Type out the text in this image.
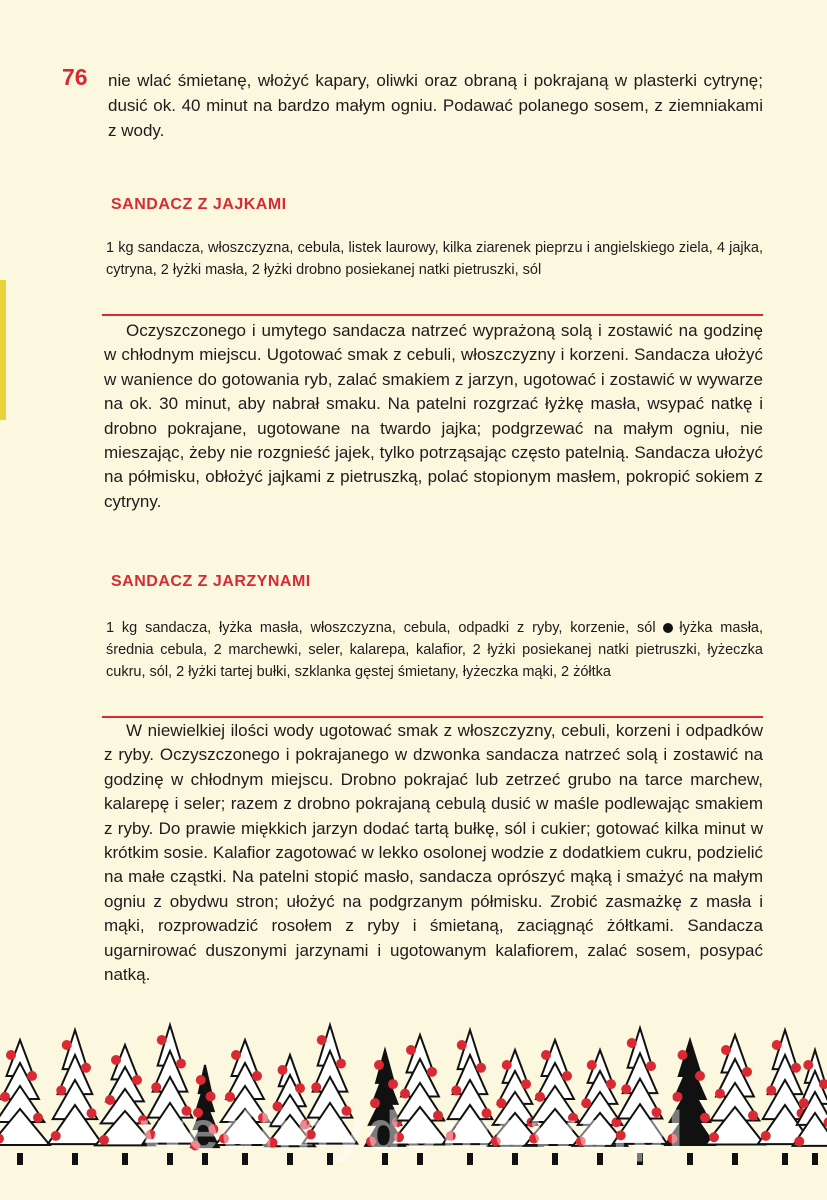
76 nie wlać śmietanę, włożyć kapary, oliwki oraz obraną i pokrajaną w plasterki cytrynę; dusić ok. 40 minut na bardzo małym ogniu. Podawać polanego sosem, z ziemniakami z wody.
SANDACZ Z JAJKAMI
1 kg sandacza, włoszczyzna, cebula, listek laurowy, kilka ziarenek pieprzu i angielskiego ziela, 4 jajka, cytryna, 2 łyżki masła, 2 łyżki drobno posiekanej natki pietruszki, sól

Oczyszczonego i umytego sandacza natrzeć wyprażoną solą i zostawić na godzinę w chłodnym miejscu. Ugotować smak z cebuli, włoszczyzny i korzeni. Sandacza ułożyć w wanience do gotowania ryb, zalać smakiem z jarzyn, ugotować i zostawić w wywarze na ok. 30 minut, aby nabrał smaku. Na patelni rozgrzać łyżkę masła, wsypać natkę i drobno pokrajane, ugotowane na twardo jajka; podgrzewać na małym ogniu, nie mieszając, żeby nie rozgnieść jajek, tylko potrząsając często patelnią. Sandacza ułożyć na półmisku, obłożyć jajkami z pietruszką, polać stopionym masłem, pokropić sokiem z cytryny.

SANDACZ Z JARZYNAMI
1 kg sandacza, łyżka masła, włoszczyzna, cebula, odpadki z ryby, korzenie, sól łyżka masła, średnia cebula, 2 marchewki, seler, kalarepa, kalafior, 2 łyżki posiekanej natki pietruszki, łyżeczka cukru, sól, 2 łyżki tartej bułki, szklanka gęstej śmietany, łyżeczka mąki, 2 żółtka

W niewielkiej ilości wody ugotować smak z włoszczyzny, cebuli, korzeni i odpadków z ryby. Oczyszczonego i pokrajanego w dzwonka sandacza natrzeć solą i zostawić na godzinę w chłodnym miejscu. Drobno pokrajać lub zetrzeć grubo na tarce marchew, kalarepę i seler; razem z drobno pokrajaną cebulą dusić w maśle podlewając smakiem z ryby. Do prawie miękkich jarzyn dodać tartą bułkę, sól i cukier; gotować kilka minut w krótkim sosie. Kalafior zagotować w lekko osolonej wodzie z dodatkiem cukru, podzielić na małe cząstki. Na patelni stopić masło, sandacza oprószyć mąką i smażyć na małym ogniu z obydwu stron; ułożyć na podgrzanym półmisku. Zrobić zasmażkę z masła i mąki, rozprowadzić rosołem z ryby i śmietaną, zaciągnąć żółtkami. Sandacza ugarnirować duszonymi jarzynami i ugotowanym kalafiorem, zalać sosem, posypać natką.

wedlinydomowe.pl
